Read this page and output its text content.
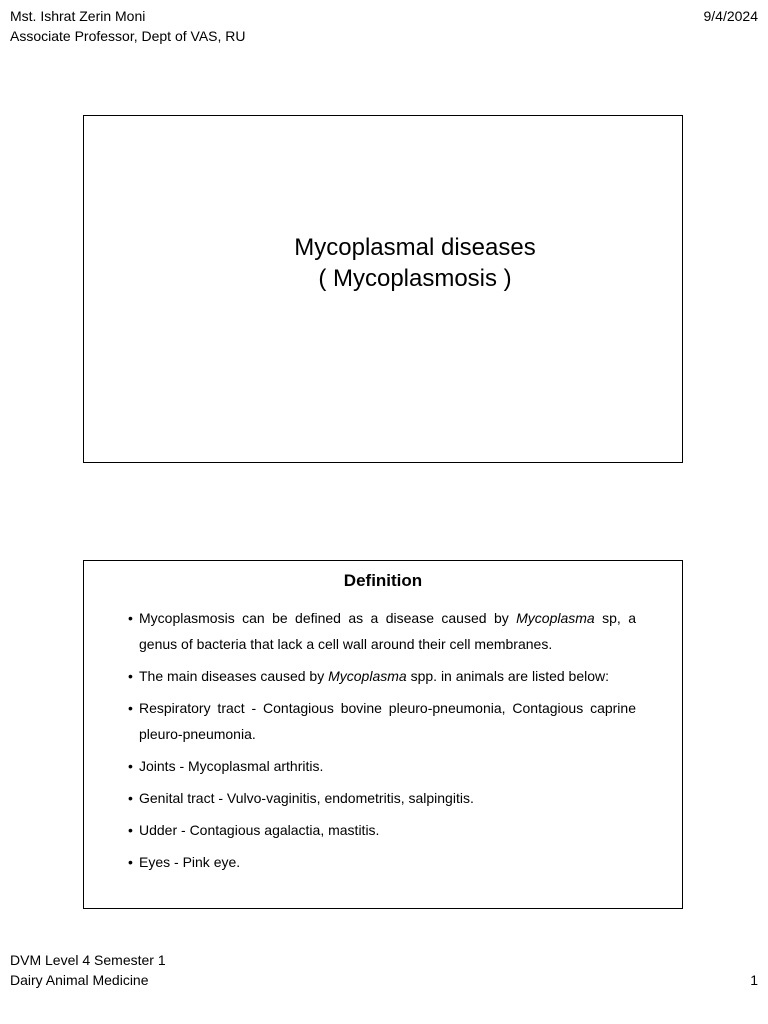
Mst. Ishrat Zerin Moni
Associate Professor, Dept of VAS, RU
9/4/2024
Mycoplasmal diseases
( Mycoplasmosis )
Definition
• Mycoplasmosis can be defined as a disease caused by Mycoplasma sp, a genus of bacteria that lack a cell wall around their cell membranes.
• The main diseases caused by Mycoplasma spp. in animals are listed below:
• Respiratory tract - Contagious bovine pleuro-pneumonia, Contagious caprine pleuro-pneumonia.
• Joints - Mycoplasmal arthritis.
• Genital tract - Vulvo-vaginitis, endometritis, salpingitis.
• Udder - Contagious agalactia, mastitis.
• Eyes - Pink eye.
DVM Level 4 Semester 1
Dairy Animal Medicine	1
